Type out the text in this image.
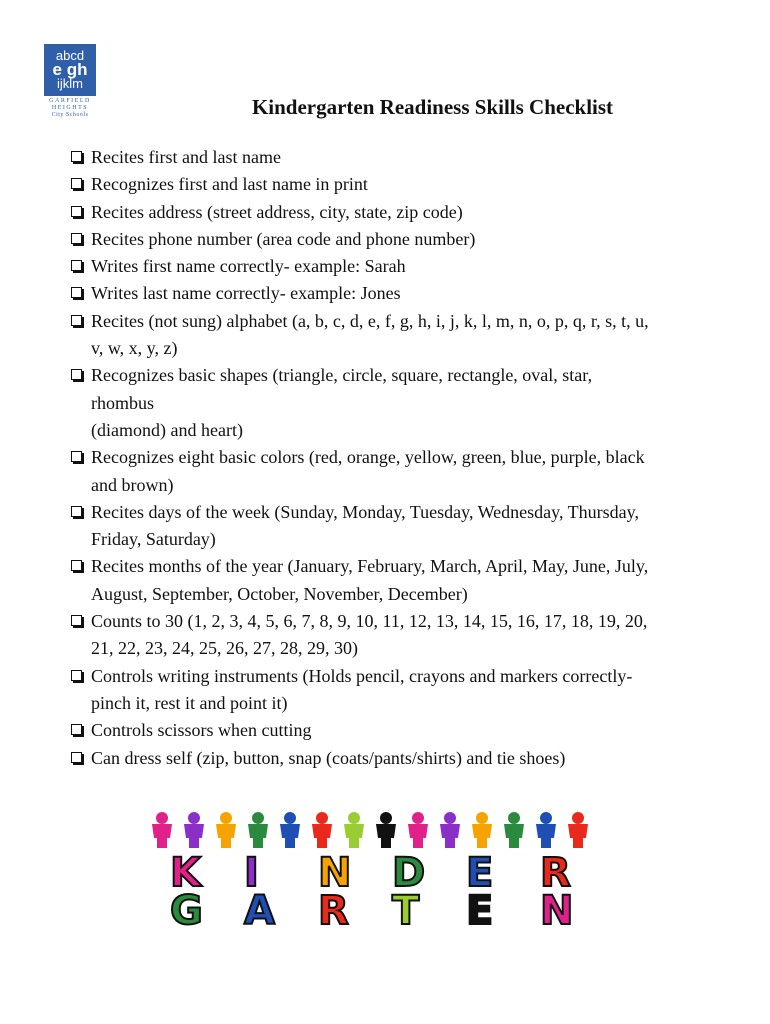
abcd
e gh
ijklm
GARFIELD
HEIGHTS
City Schools	Kindergarten Readiness Skills Checklist
Recites first and last name
Recognizes first and last name in print
Recites address (street address, city, state, zip code)
Recites phone number (area code and phone number)
Writes first name correctly- example: Sarah
Writes last name correctly- example: Jones
Recites (not sung) alphabet (a, b, c, d, e, f, g, h, i, j, k, l, m, n, o, p, q, r, s, t, u,
v, w, x, y, z)
Recognizes basic shapes (triangle, circle, square, rectangle, oval, star,
rhombus
(diamond) and heart)
Recognizes eight basic colors (red, orange, yellow, green, blue, purple, black
and brown)
Recites days of the week (Sunday, Monday, Tuesday, Wednesday, Thursday,
Friday, Saturday)
Recites months of the year (January, February, March, April, May, June, July,
August, September, October, November, December)
Counts to 30 (1, 2, 3, 4, 5, 6, 7, 8, 9, 10, 11, 12, 13, 14, 15, 16, 17, 18, 19, 20,
21, 22, 23, 24, 25, 26, 27, 28, 29, 30)
Controls writing instruments (Holds pencil, crayons and markers correctly-
pinch it, rest it and point it)
Controls scissors when cutting
Can dress self (zip, button, snap (coats/pants/shirts) and tie shoes)
K I N D E R
G A R T E N
